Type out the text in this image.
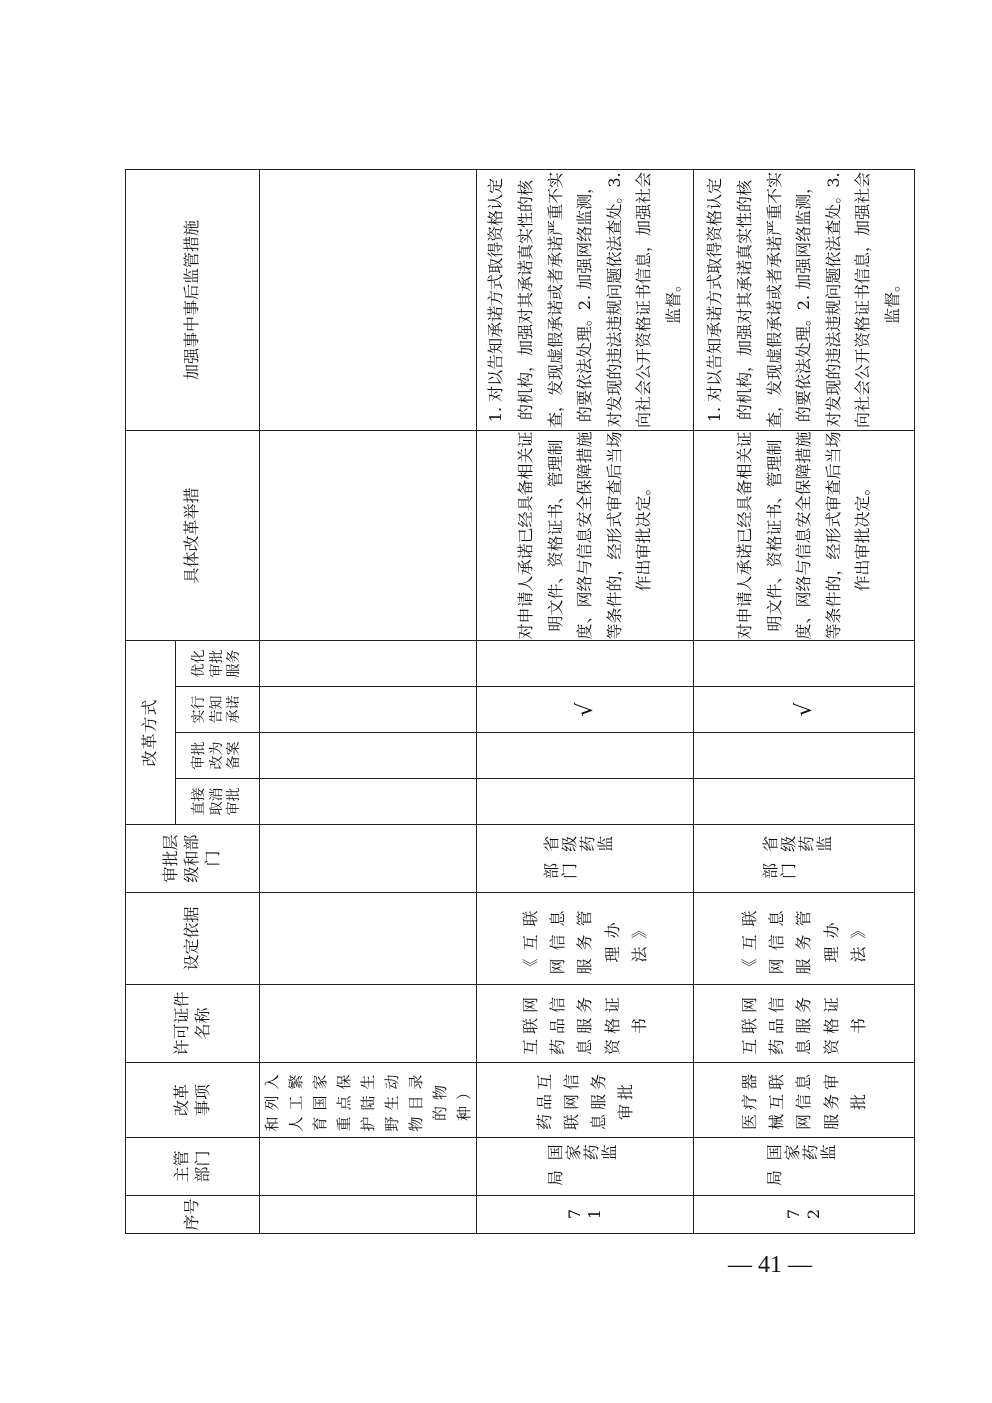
序号	主管部门	改革事项	许可证件名称	设定依据	审批层级和部门	改革方式				具体改革举措	加强事中事后监管措施
						直接取消审批	审批改为备案	实行告知承诺	优化审批服务		
		和列入人工繁育国家重点保护陆生野生动物目录的物种）									

71	国家药监局	药品互联网信息服务审批	互联网药品信息服务资格证书	《互联网信息服务管理办法》	省级药监部门			√		对申请人承诺已经具备相关证明文件、资格证书、管理制度、网络与信息安全保障措施等条件的，经形式审查后当场作出审批决定。	1. 对以告知承诺方式取得资格认定的机构，加强对其承诺真实性的核查，发现虚假承诺或者承诺严重不实的要依法处理。2. 加强网络监测，对发现的违法违规问题依法查处。3. 向社会公开资格证书信息，加强社会监督。

72	国家药监局	医疗器械互联网信息服务审批	互联网药品信息服务资格证书	《互联网信息服务管理办法》	省级药监部门			√		对申请人承诺已经具备相关证明文件、资格证书、管理制度、网络与信息安全保障措施等条件的，经形式审查后当场作出审批决定。	1. 对以告知承诺方式取得资格认定的机构，加强对其承诺真实性的核查，发现虚假承诺或者承诺严重不实的要依法处理。2. 加强网络监测，对发现的违法违规问题依法查处。3. 向社会公开资格证书信息，加强社会监督。
— 41 —
